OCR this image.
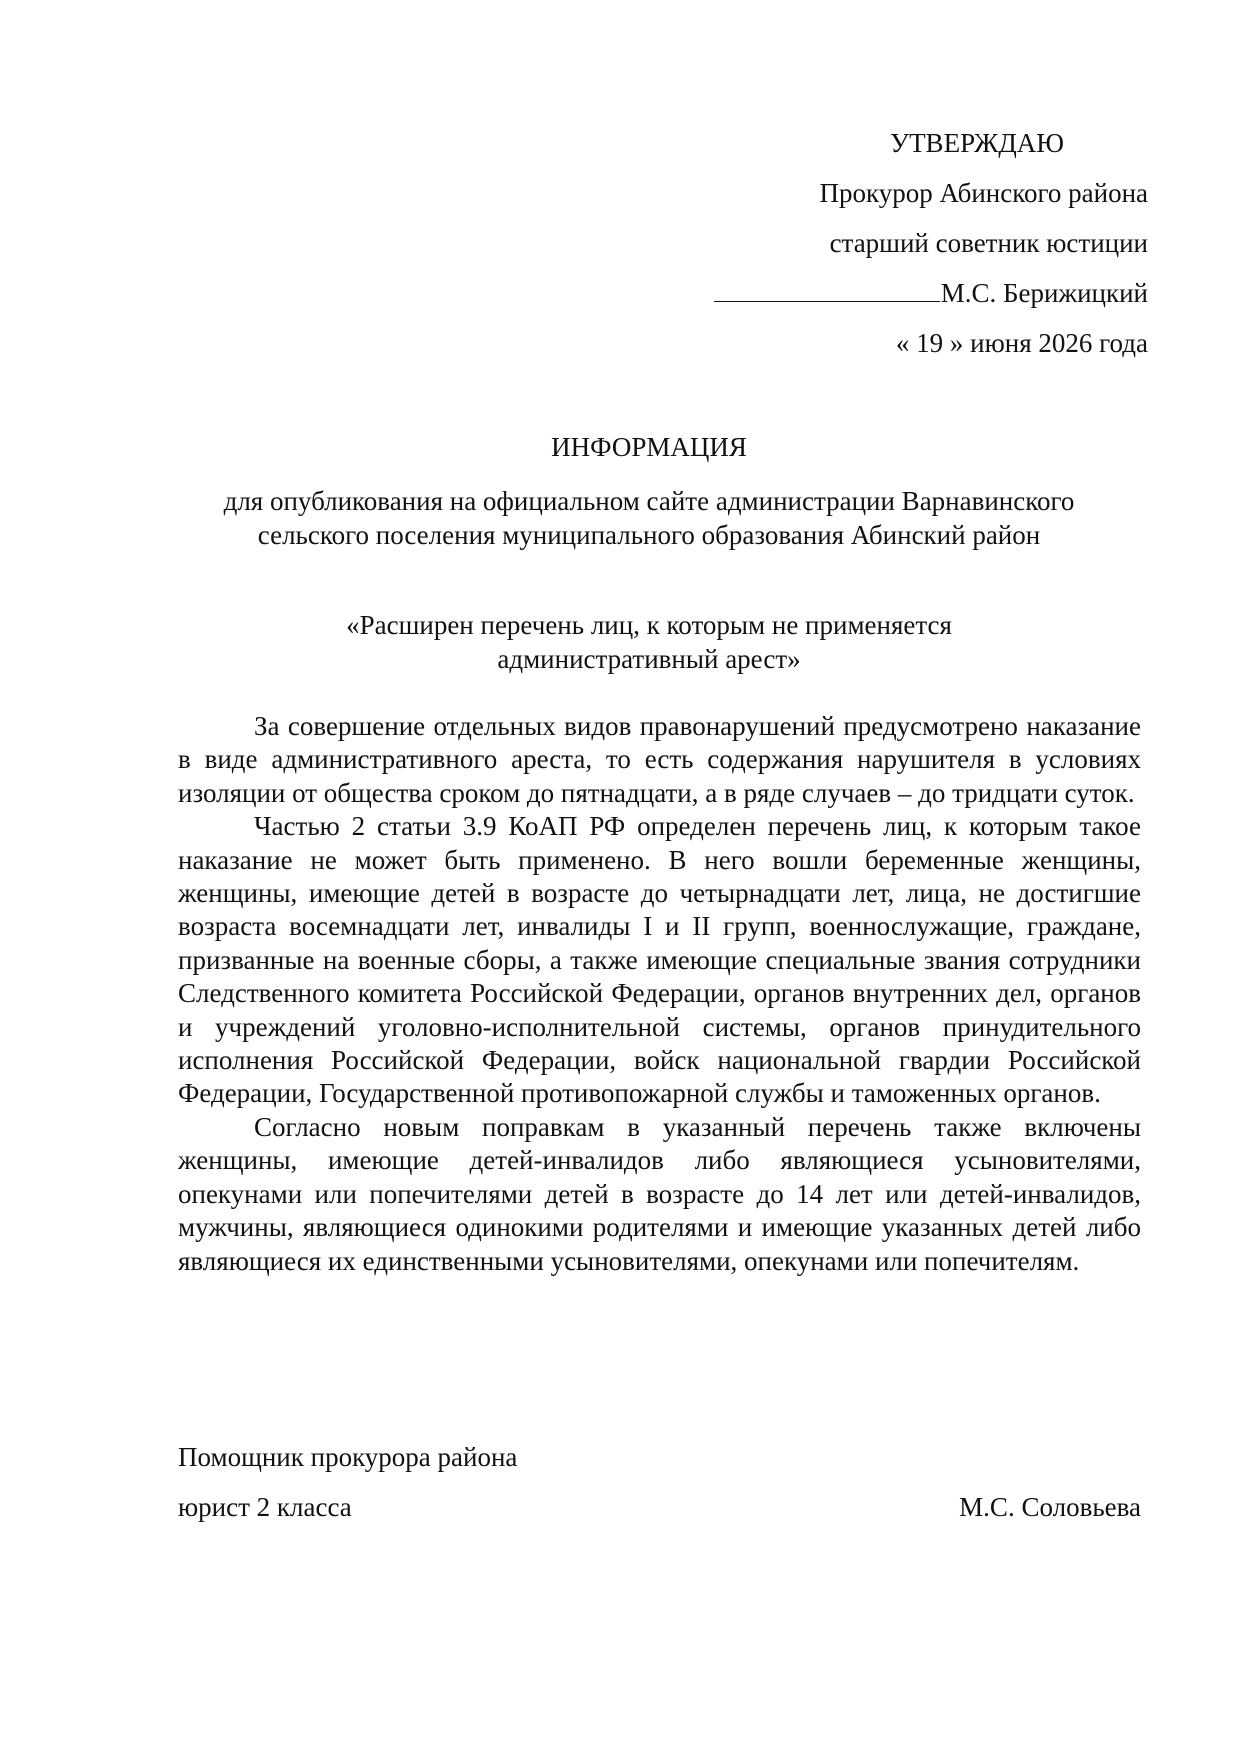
УТВЕРЖДАЮ
Прокурор Абинского района
старший советник юстиции
М.С. Берижицкий
« 19 » июня 2026 года
ИНФОРМАЦИЯ
для опубликования на официальном сайте администрации Варнавинского сельского поселения муниципального образования Абинский район
«Расширен перечень лиц, к которым не применяется
административный арест»

За совершение отдельных видов правонарушений предусмотрено наказание в виде административного ареста, то есть содержания нарушителя в условиях изоляции от общества сроком до пятнадцати, а в ряде случаев – до тридцати суток.

Частью 2 статьи 3.9 КоАП РФ определен перечень лиц, к которым такое наказание не может быть применено. В него вошли беременные женщины, женщины, имеющие детей в возрасте до четырнадцати лет, лица, не достигшие возраста восемнадцати лет, инвалиды I и II групп, военнослужащие, граждане, призванные на военные сборы, а также имеющие специальные звания сотрудники Следственного комитета Российской Федерации, органов внутренних дел, органов и учреждений уголовно-исполнительной системы, органов принудительного исполнения Российской Федерации, войск национальной гвардии Российской Федерации, Государственной противопожарной службы и таможенных органов.

Согласно новым поправкам в указанный перечень также включены женщины, имеющие детей-инвалидов либо являющиеся усыновителями, опекунами или попечителями детей в возрасте до 14 лет или детей-инвалидов, мужчины, являющиеся одинокими родителями и имеющие указанных детей либо являющиеся их единственными усыновителями, опекунами или попечителям.

Помощник прокурора района
юрист 2 класса	М.С. Соловьева
